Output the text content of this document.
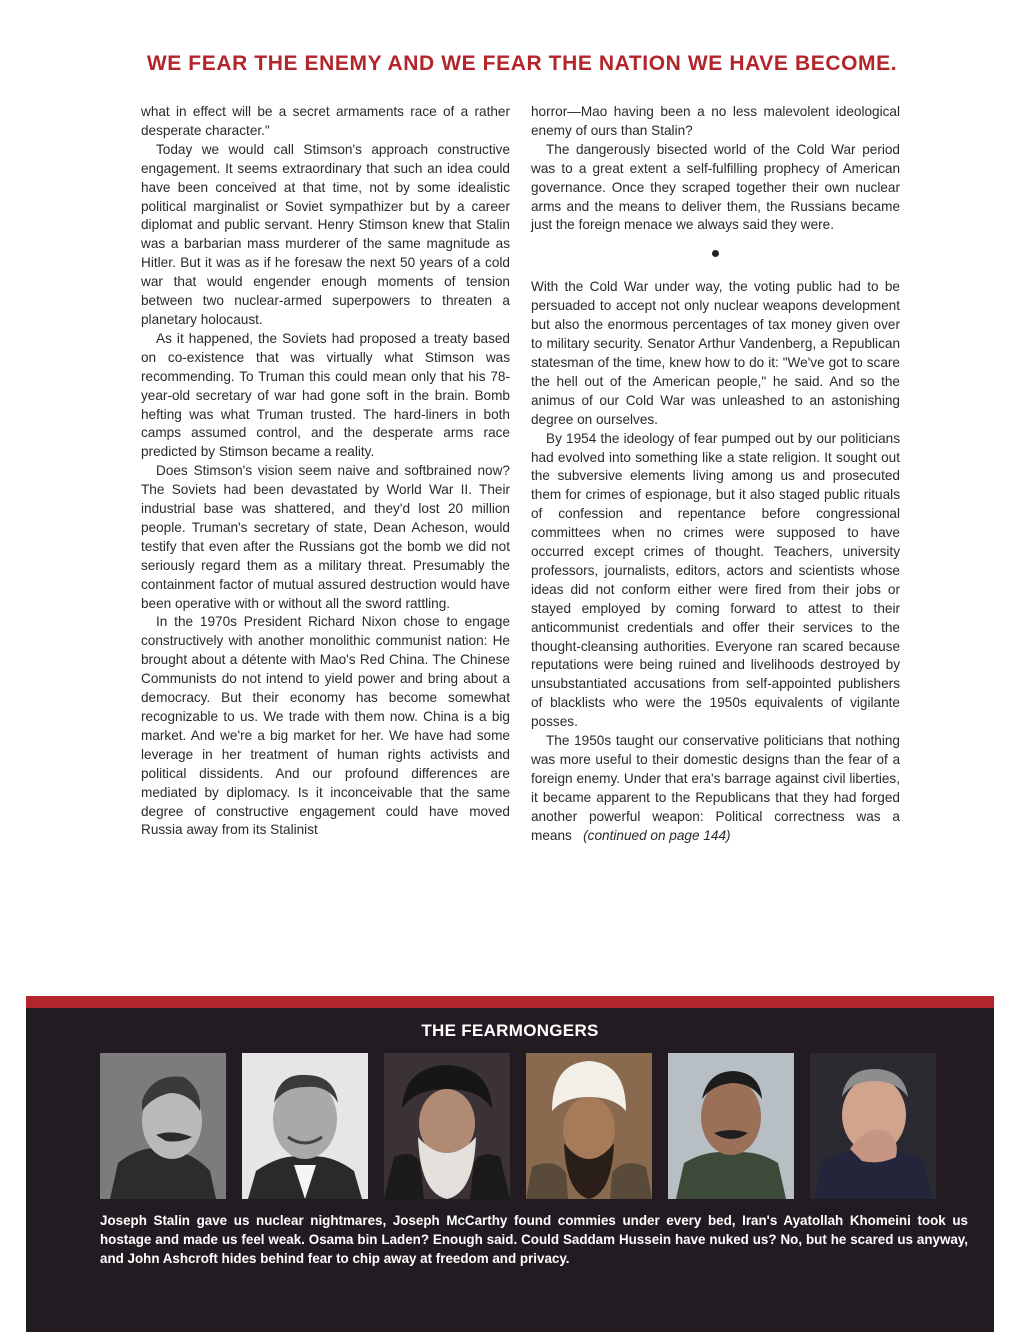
WE FEAR THE ENEMY AND WE FEAR THE NATION WE HAVE BECOME.

what in effect will be a secret armaments race of a rather desperate character."

Today we would call Stimson's approach constructive engagement. It seems extraordinary that such an idea could have been conceived at that time, not by some idealistic political marginalist or Soviet sympathizer but by a career diplomat and public servant. Henry Stimson knew that Stalin was a barbarian mass murderer of the same magnitude as Hitler. But it was as if he foresaw the next 50 years of a cold war that would engender enough moments of tension between two nuclear-armed superpowers to threaten a planetary holocaust.

As it happened, the Soviets had proposed a treaty based on co-existence that was virtually what Stimson was recommending. To Truman this could mean only that his 78-year-old secretary of war had gone soft in the brain. Bomb hefting was what Truman trusted. The hard-liners in both camps assumed control, and the desperate arms race predicted by Stimson became a reality.

Does Stimson's vision seem naive and softbrained now? The Soviets had been devastated by World War II. Their industrial base was shattered, and they'd lost 20 million people. Truman's secretary of state, Dean Acheson, would testify that even after the Russians got the bomb we did not seriously regard them as a military threat. Presumably the containment factor of mutual assured destruction would have been operative with or without all the sword rattling.

In the 1970s President Richard Nixon chose to engage constructively with another monolithic communist nation: He brought about a détente with Mao's Red China. The Chinese Communists do not intend to yield power and bring about a democracy. But their economy has become somewhat recognizable to us. We trade with them now. China is a big market. And we're a big market for her. We have had some leverage in her treatment of human rights activists and political dissidents. And our profound differences are mediated by diplomacy. Is it inconceivable that the same degree of constructive engagement could have moved Russia away from its Stalinist

horror—Mao having been a no less malevolent ideological enemy of ours than Stalin?

The dangerously bisected world of the Cold War period was to a great extent a self-fulfilling prophecy of American governance. Once they scraped together their own nuclear arms and the means to deliver them, the Russians became just the foreign menace we always said they were.

With the Cold War under way, the voting public had to be persuaded to accept not only nuclear weapons development but also the enormous percentages of tax money given over to military security. Senator Arthur Vandenberg, a Republican statesman of the time, knew how to do it: "We've got to scare the hell out of the American people," he said. And so the animus of our Cold War was unleashed to an astonishing degree on ourselves.

By 1954 the ideology of fear pumped out by our politicians had evolved into something like a state religion. It sought out the subversive elements living among us and prosecuted them for crimes of espionage, but it also staged public rituals of confession and repentance before congressional committees when no crimes were supposed to have occurred except crimes of thought. Teachers, university professors, journalists, editors, actors and scientists whose ideas did not conform either were fired from their jobs or stayed employed by coming forward to attest to their anticommunist credentials and offer their services to the thought-cleansing authorities. Everyone ran scared because reputations were being ruined and livelihoods destroyed by unsubstantiated accusations from self-appointed publishers of blacklists who were the 1950s equivalents of vigilante posses.

The 1950s taught our conservative politicians that nothing was more useful to their domestic designs than the fear of a foreign enemy. Under that era's barrage against civil liberties, it became apparent to the Republicans that they had forged another powerful weapon: Political correctness was a means (continued on page 144)

THE FEARMONGERS
Joseph Stalin gave us nuclear nightmares, Joseph McCarthy found commies under every bed, Iran's Ayatollah Khomeini took us hostage and made us feel weak. Osama bin Laden? Enough said. Could Saddam Hussein have nuked us? No, but he scared us anyway, and John Ashcroft hides behind fear to chip away at freedom and privacy.
